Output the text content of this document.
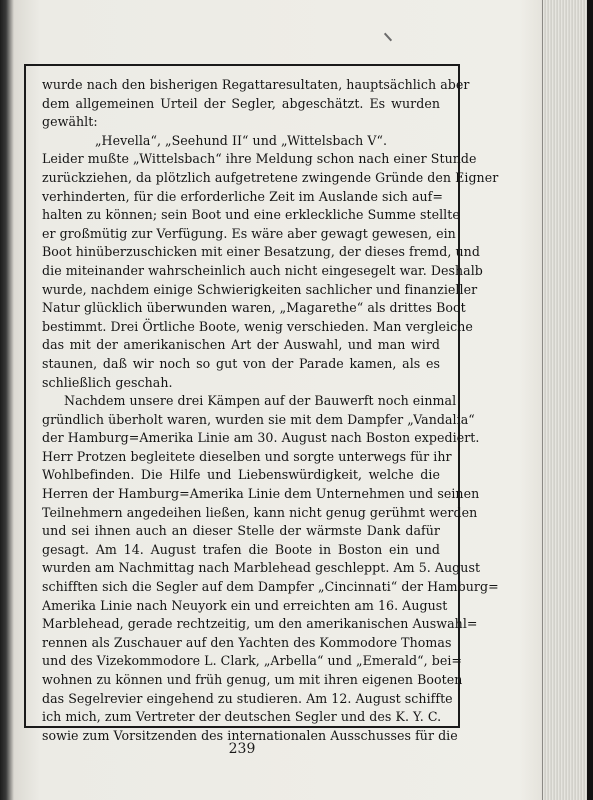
wurde nach den bisherigen Regattaresultaten, hauptsächlich aber
dem allgemeinen Urteil der Segler, abgeschätzt. Es wurden
gewählt:
„Hevella“, „Seehund II“ und „Wittelsbach V“.
Leider mußte „Wittelsbach“ ihre Meldung schon nach einer Stunde
zurückziehen, da plötzlich aufgetretene zwingende Gründe den Eigner
verhinderten, für die erforderliche Zeit im Auslande sich auf=
halten zu können; sein Boot und eine erkleckliche Summe stellte
er großmütig zur Verfügung. Es wäre aber gewagt gewesen, ein
Boot hinüberzuschicken mit einer Besatzung, der dieses fremd, und
die miteinander wahrscheinlich auch nicht eingesegelt war. Deshalb
wurde, nachdem einige Schwierigkeiten sachlicher und finanzieller
Natur glücklich überwunden waren, „Magarethe“ als drittes Boot
bestimmt. Drei Örtliche Boote, wenig verschieden. Man vergleiche
das mit der amerikanischen Art der Auswahl, und man wird
staunen, daß wir noch so gut von der Parade kamen, als es
schließlich geschah.
Nachdem unsere drei Kämpen auf der Bauwerft noch einmal
gründlich überholt waren, wurden sie mit dem Dampfer „Vandalia“
der Hamburg=Amerika Linie am 30. August nach Boston expediert.
Herr Protzen begleitete dieselben und sorgte unterwegs für ihr
Wohlbefinden. Die Hilfe und Liebenswürdigkeit, welche die
Herren der Hamburg=Amerika Linie dem Unternehmen und seinen
Teilnehmern angedeihen ließen, kann nicht genug gerühmt werden
und sei ihnen auch an dieser Stelle der wärmste Dank dafür
gesagt. Am 14. August trafen die Boote in Boston ein und
wurden am Nachmittag nach Marblehead geschleppt. Am 5. August
schifften sich die Segler auf dem Dampfer „Cincinnati“ der Hamburg=
Amerika Linie nach Neuyork ein und erreichten am 16. August
Marblehead, gerade rechtzeitig, um den amerikanischen Auswahl=
rennen als Zuschauer auf den Yachten des Kommodore Thomas
und des Vizekommodore L. Clark, „Arbella“ und „Emerald“, bei=
wohnen zu können und früh genug, um mit ihren eigenen Booten
das Segelrevier eingehend zu studieren. Am 12. August schiffte
ich mich, zum Vertreter der deutschen Segler und des K. Y. C.
sowie zum Vorsitzenden des internationalen Ausschusses für die
239
